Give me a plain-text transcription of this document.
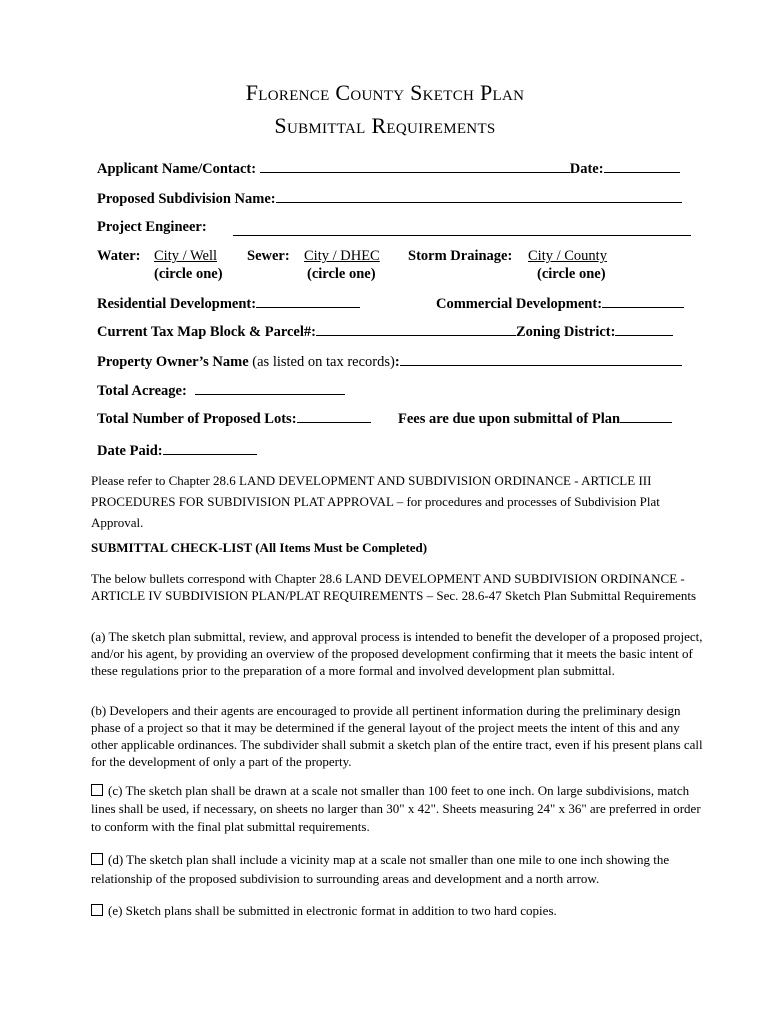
Florence County Sketch Plan
Submittal Requirements
Applicant Name/Contact:	Date:
Proposed Subdivision Name:
Project Engineer:
Water: City / Well
(circle one)
Sewer: City / DHEC
(circle one)
Storm Drainage: City / County
(circle one)
Residential Development:	Commercial Development:
Current Tax Map Block & Parcel#:	Zoning District:
Property Owner’s Name (as listed on tax records):
Total Acreage:
Total Number of Proposed Lots:	Fees are due upon submittal of Plan
Date Paid:
Please refer to Chapter 28.6 LAND DEVELOPMENT AND SUBDIVISION ORDINANCE - ARTICLE III PROCEDURES FOR SUBDIVISION PLAT APPROVAL – for procedures and processes of Subdivision Plat Approval.
SUBMITTAL CHECK-LIST (All Items Must be Completed)
The below bullets correspond with Chapter 28.6 LAND DEVELOPMENT AND SUBDIVISION ORDINANCE - ARTICLE IV SUBDIVISION PLAN/PLAT REQUIREMENTS – Sec. 28.6-47 Sketch Plan Submittal Requirements
(a) The sketch plan submittal, review, and approval process is intended to benefit the developer of a proposed project, and/or his agent, by providing an overview of the proposed development confirming that it meets the basic intent of these regulations prior to the preparation of a more formal and involved development plan submittal.
(b) Developers and their agents are encouraged to provide all pertinent information during the preliminary design phase of a project so that it may be determined if the general layout of the project meets the intent of this and any other applicable ordinances. The subdivider shall submit a sketch plan of the entire tract, even if his present plans call for the development of only a part of the property.
(c) The sketch plan shall be drawn at a scale not smaller than 100 feet to one inch. On large subdivisions, match lines shall be used, if necessary, on sheets no larger than 30" x 42". Sheets measuring 24" x 36" are preferred in order to conform with the final plat submittal requirements.
(d) The sketch plan shall include a vicinity map at a scale not smaller than one mile to one inch showing the relationship of the proposed subdivision to surrounding areas and development and a north arrow.
(e) Sketch plans shall be submitted in electronic format in addition to two hard copies.
